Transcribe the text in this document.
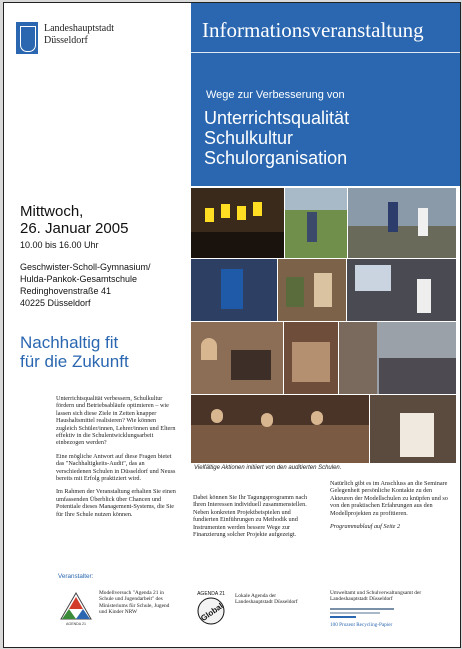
Landeshauptstadt
Düsseldorf	Informationsveranstaltung
Wege zur Verbesserung von
Unterrichtsqualität
Schulkultur
Schulorganisation
Mittwoch,
26. Januar 2005
10.00 bis 16.00 Uhr
Geschwister-Scholl-Gymnasium/
Hulda-Pankok-Gesamtschule
Redinghovenstraße 41
40225 Düsseldorf
Nachhaltig fit
für die Zukunft
Vielfältige Aktionen initiiert von den auditierten Schulen.

Unterrichtsqualität verbessern, Schulkultur fördern und Betriebsabläufe optimieren – wie lassen sich diese Ziele in Zeiten knapper Haushaltsmittel realisieren? Wie können zugleich Schüler/innen, Lehrer/innen und Eltern effektiv in die Schulentwicklungsarbeit einbezogen werden?

Eine mögliche Antwort auf diese Fragen bietet das "Nachhaltigkeits-Audit", das an verschiedenen Schulen in Düsseldorf und Neuss bereits mit Erfolg praktiziert wird.

Im Rahmen der Veranstaltung erhalten Sie einen umfassenden Überblick über Chancen und Potentiale dieses Management-Systems, die Sie für Ihre Schule nutzen können.

Dabei können Sie Ihr Tagungsprogramm nach Ihren Interessen individuell zusammenstellen. Neben konkreten Projektbeispielen und fundierten Einführungen zu Methodik und Instrumenten werden bessere Wege zur Finanzierung solcher Projekte aufgezeigt.

Natürlich gibt es im Anschluss an die Seminare Gelegenheit persönliche Kontakte zu den Akteuren der Modellschulen zu knüpfen und so von den praktischen Erfahrungen aus den Modellprojekten zu profitieren.

Programmablauf auf Seite 2

Veranstalter:
AGENDA 21
Modellversuch "Agenda 21 in Schule und Jugendarbeit" des Ministeriums für Schule, Jugend und Kinder NRW
AGENDA 21
Global
Lokale Agenda der Landeshauptstadt Düsseldorf
Umweltamt und Schulverwaltungsamt der Landeshauptstadt Düsseldorf
100 Prozent Recycling-Papier
